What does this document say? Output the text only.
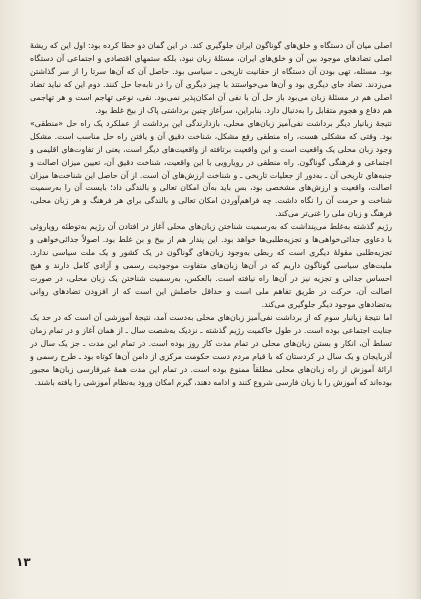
اصلی میان آن دستگاه و خلق‌های گوناگون ایران جلوگیری کند. در این گمان دو خطا کرده بود: اول این که ریشهٔ اصلی تضادهای موجود بین آن و خلق‌های ایران، مسئلهٔ زبان نبود، بلکه ستمهای اقتصادی و اجتماعی آن دستگاه بود. مسئله، تهی بودن آن دستگاه از حقانیت تاریخی ـ سیاسی بود. حاصل آن که آن‌ها سرتا را از سر گذاشتن می‌زدند. تضاد جای دیگری بود و آن‌ها می‌خواستند با چیز دیگری آن را در نابه‌جا حل کنند. دوم این که نباید تضاد اصلی هم در مسئلهٔ زبان می‌بود باز حل آن با نفی آن امکان‌پذیر نمی‌بود. نفی، نوعی تهاجم است و هر تهاجمی هم دفاع و هجوم متقابل را به‌دنبال دارد. بنابراین، سرآغاز چنین برداشتی پاک از بیخ غلط بود.

نتیجهٔ زبانیار دیگر برداشت نفی‌آمیز زبان‌های محلی، بازدارندگی این برداشت از عملکرد یک راه حل «منطقی» بود. وقتی که مشکلی هست، راه منطقی رفع مشکل، شناخت دقیق آن و یافتن راه حل مناسب است. مشکل وجود زبان محلی یک واقعیت است و این واقعیت برتافته از واقعیت‌های دیگر است، یعنی از تفاوت‌های اقلیمی و اجتماعی و فرهنگی گوناگون. راه منطقی در رویارویی با این واقعیت، شناخت دقیق آن، تعیین میزان اصالت و جنبه‌های تاریخی آن ـ به‌دور از جعلیات تاریخی ـ و شناخت ارزش‌های آن است. از آن حاصل این شناخت‌ها میزان اصالت، واقعیت و ارزش‌های مشخصی بود، بس باید به‌آن امکان تعالی و بالندگی داد؛ بایست آن را به‌رسمیت شناخت و حرمت آن را نگاه داشت. چه فراهم‌آوردن امکان تعالی و بالندگی برای هر فرهنگ و هر زبان محلی، فرهنگ و زبان ملی را غنی‌تر می‌کند.

رژیم گذشته به‌غلط می‌پنداشت که به‌رسمیت شناختن زبان‌های محلی آغاز در افتادن آن رژیم به‌توطئه رویاروئی با دعاوی جدائی‌خواهی‌ها و تجزیه‌طلبی‌ها خواهد بود. این پندار هم از بیخ و بن غلط بود. اصولاً جدائی‌خواهی و تجزیه‌طلبی مقولهٔ دیگری است که ربطی به‌وجود زبان‌های گوناگون در یک کشور و یک ملت سیاسی ندارد. ملیت‌های سیاسی گوناگون داریم که در آن‌ها زبان‌های متفاوت موجودیت رسمی و آزادی کامل دارند و هیچ احساس جدائی و تجزیه نیز در آن‌ها راه نیافته است. بالعکس، به‌رسمیت شناختن یک زبان محلی، در صورت اصالت آن، حرکت در طریق تفاهم ملی است و حداقل حاصلش این است که از افزودن تضادهای روانی به‌تضادهای موجود دیگر جلوگیری می‌کند.

اما نتیجهٔ زیانبار سوم که از برداشت نفی‌آمیز زبان‌های محلی به‌دست آمد، نتیجهٔ آموزشی آن است که در حد یک جنایت اجتماعی بوده است. در طول حاکمیت رژیم گذشته ـ نزدیک به‌شصت سال ـ از همان آغاز و در تمام زمان تسلط آن، انکار و بستن زبان‌های محلی در تمام مدت کار روز بوده است. در تمام این مدت ـ جز یک سال در آذربایجان و یک سال در کردستان که با قیام مردم دست حکومت مرکزی از دامن آن‌ها کوتاه بود ـ طرح رسمی و ارائهٔ آموزش از راه زبان‌های محلی مطلقاً ممنوع بوده است. در تمام این مدت همهٔ غیرفارسی زبان‌ها مجبور بوده‌اند که آموزش را با زبان فارسی شروع کنند و ادامه دهند، گیرم امکان ورود به‌نظام آموزشی را یافته باشند.

۱۳
